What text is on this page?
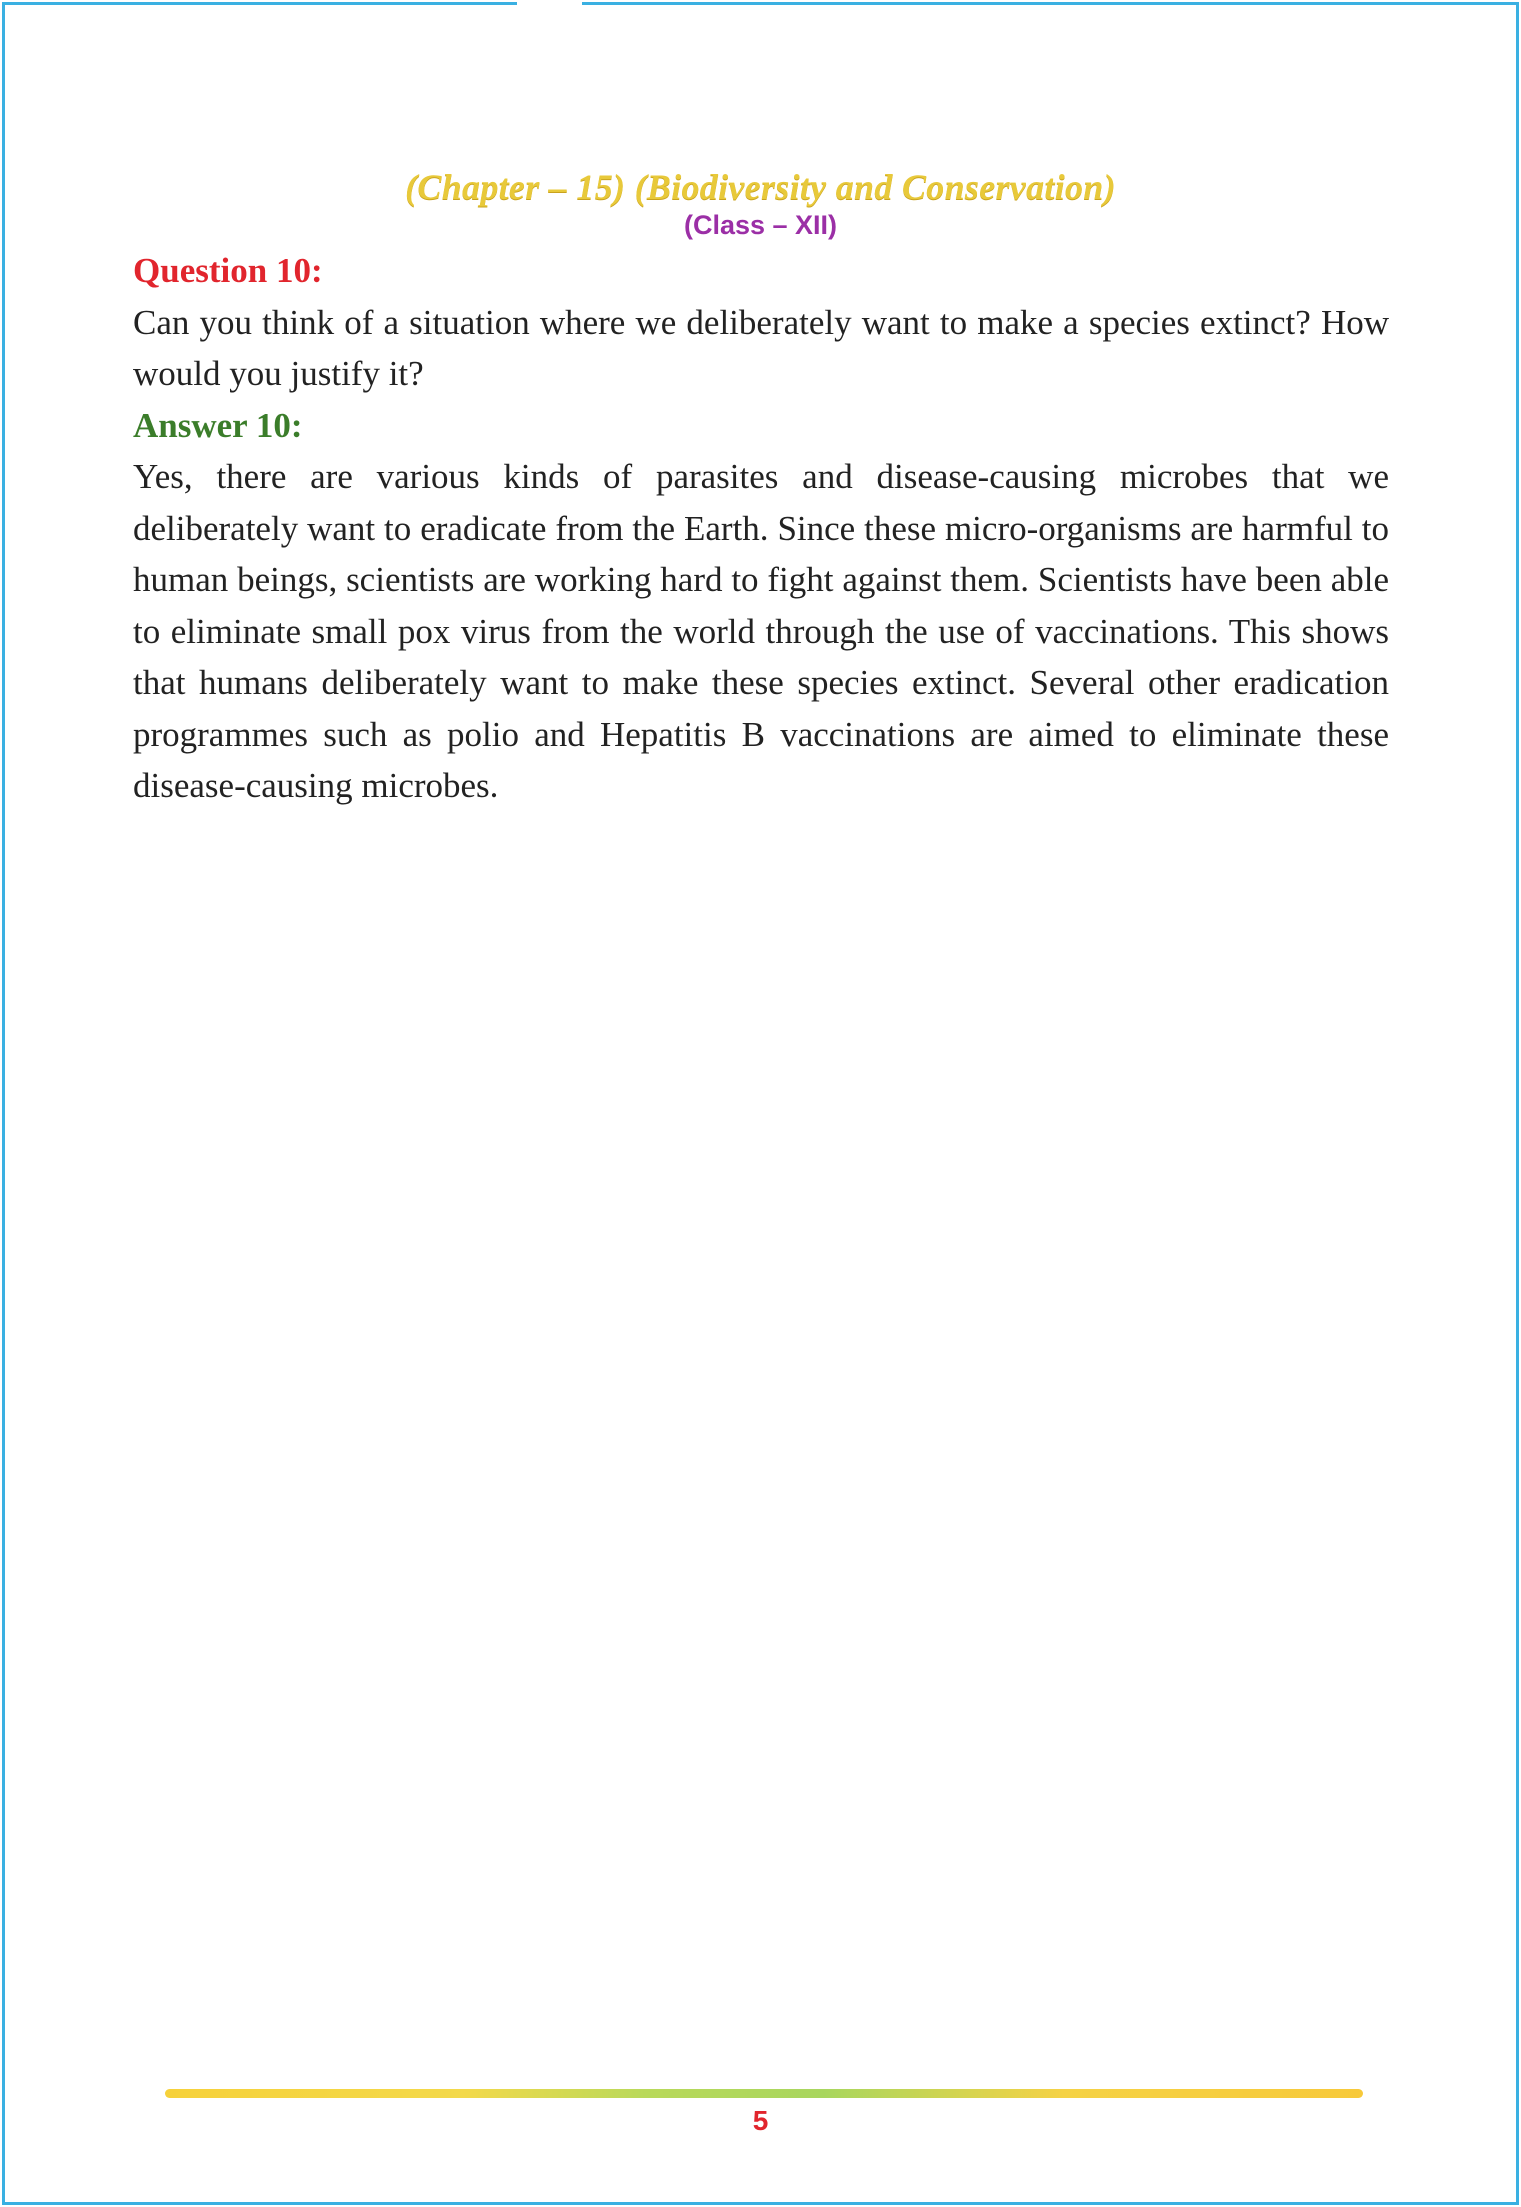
(Chapter – 15) (Biodiversity and Conservation)
(Class – XII)

Question 10:

Can you think of a situation where we deliberately want to make a species extinct? How would you justify it?

Answer 10:

Yes, there are various kinds of parasites and disease-causing microbes that we deliberately want to eradicate from the Earth. Since these micro-organisms are harmful to human beings, scientists are working hard to fight against them. Scientists have been able to eliminate small pox virus from the world through the use of vaccinations. This shows that humans deliberately want to make these species extinct. Several other eradication programmes such as polio and Hepatitis B vaccinations are aimed to eliminate these disease-causing microbes.

5
